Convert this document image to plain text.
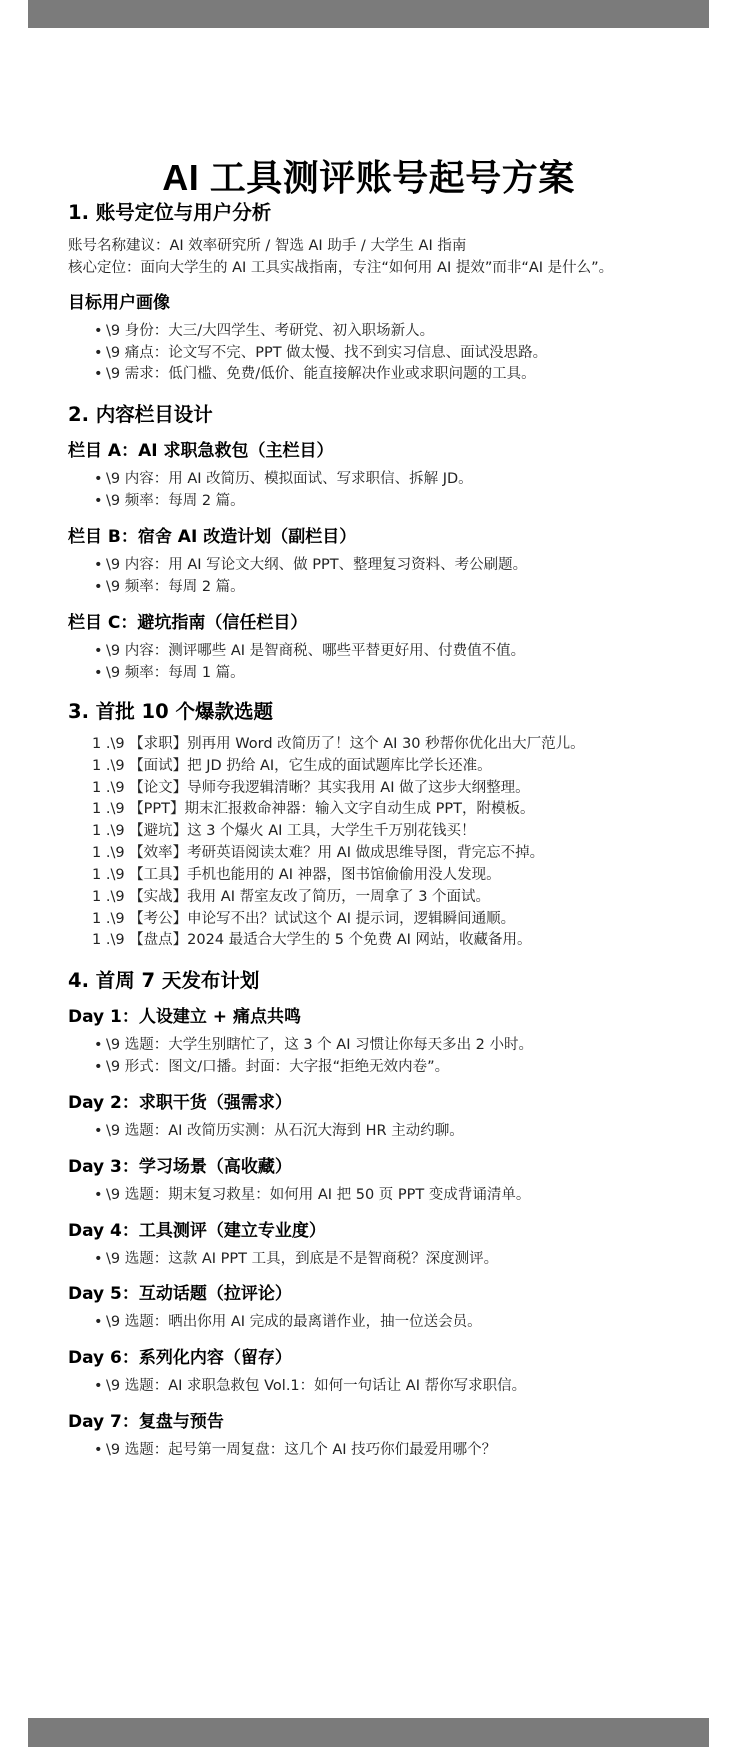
AI 工具测评账号起号方案
1. 账号定位与用户分析
账号名称建议：AI 效率研究所 / 智选 AI 助手 / 大学生 AI 指南
核心定位：面向大学生的 AI 工具实战指南，专注“如何用 AI 提效”而非“AI 是什么”。
目标用户画像
• \9 身份：大三/大四学生、考研党、初入职场新人。
• \9 痛点：论文写不完、PPT 做太慢、找不到实习信息、面试没思路。
• \9 需求：低门槛、免费/低价、能直接解决作业或求职问题的工具。
2. 内容栏目设计
栏目 A：AI 求职急救包（主栏目）
• \9 内容：用 AI 改简历、模拟面试、写求职信、拆解 JD。
• \9 频率：每周 2 篇。
栏目 B：宿舍 AI 改造计划（副栏目）
• \9 内容：用 AI 写论文大纲、做 PPT、整理复习资料、考公刷题。
• \9 频率：每周 2 篇。
栏目 C：避坑指南（信任栏目）
• \9 内容：测评哪些 AI 是智商税、哪些平替更好用、付费值不值。
• \9 频率：每周 1 篇。
3. 首批 10 个爆款选题
1 .\9 【求职】别再用 Word 改简历了！这个 AI 30 秒帮你优化出大厂范儿。
1 .\9 【面试】把 JD 扔给 AI，它生成的面试题库比学长还准。
1 .\9 【论文】导师夸我逻辑清晰？其实我用 AI 做了这步大纲整理。
1 .\9 【PPT】期末汇报救命神器：输入文字自动生成 PPT，附模板。
1 .\9 【避坑】这 3 个爆火 AI 工具，大学生千万别花钱买！
1 .\9 【效率】考研英语阅读太难？用 AI 做成思维导图，背完忘不掉。
1 .\9 【工具】手机也能用的 AI 神器，图书馆偷偷用没人发现。
1 .\9 【实战】我用 AI 帮室友改了简历，一周拿了 3 个面试。
1 .\9 【考公】申论写不出？试试这个 AI 提示词，逻辑瞬间通顺。
1 .\9 【盘点】2024 最适合大学生的 5 个免费 AI 网站，收藏备用。
4. 首周 7 天发布计划
Day 1：人设建立 + 痛点共鸣
• \9 选题：大学生别瞎忙了，这 3 个 AI 习惯让你每天多出 2 小时。
• \9 形式：图文/口播。封面：大字报“拒绝无效内卷”。
Day 2：求职干货（强需求）
• \9 选题：AI 改简历实测：从石沉大海到 HR 主动约聊。
Day 3：学习场景（高收藏）
• \9 选题：期末复习救星：如何用 AI 把 50 页 PPT 变成背诵清单。
Day 4：工具测评（建立专业度）
• \9 选题：这款 AI PPT 工具，到底是不是智商税？深度测评。
Day 5：互动话题（拉评论）
• \9 选题：晒出你用 AI 完成的最离谱作业，抽一位送会员。
Day 6：系列化内容（留存）
• \9 选题：AI 求职急救包 Vol.1：如何一句话让 AI 帮你写求职信。
Day 7：复盘与预告
• \9 选题：起号第一周复盘：这几个 AI 技巧你们最爱用哪个？
